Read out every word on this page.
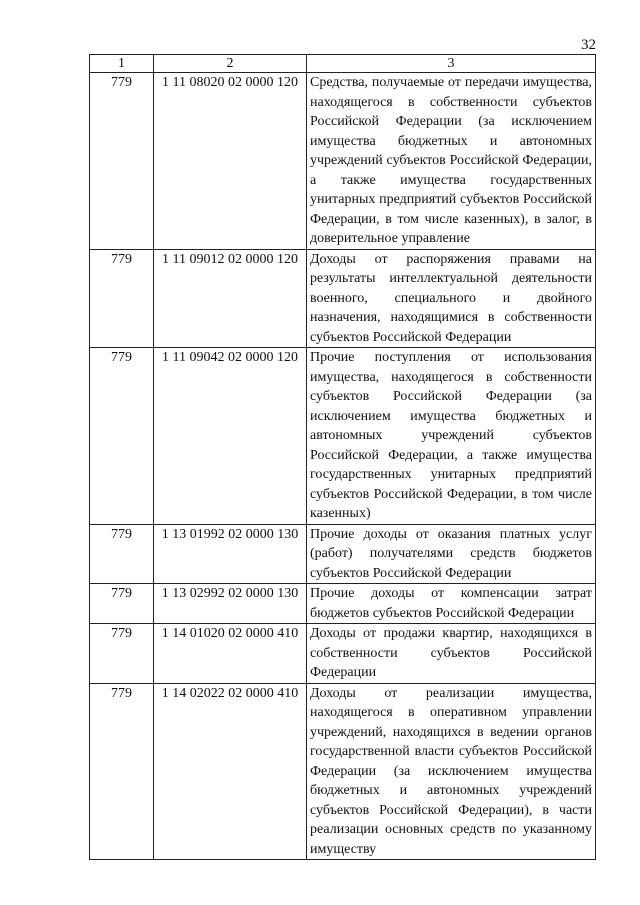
32
1	2	3
779	1 11 08020 02 0000 120	Средства, получаемые от передачи имущества, находящегося в собственности субъектов Российской Федерации (за исключением имущества бюджетных и автономных учреждений субъектов Российской Федерации, а также имущества государственных унитарных предприятий субъектов Российской Федерации, в том числе казенных), в залог, в доверительное управление
779	1 11 09012 02 0000 120	Доходы от распоряжения правами на результаты интеллектуальной деятельности военного, специального и двойного назначения, находящимися в собственности субъектов Российской Федерации
779	1 11 09042 02 0000 120	Прочие поступления от использования имущества, находящегося в собственности субъектов Российской Федерации (за исключением имущества бюджетных и автономных учреждений субъектов Российской Федерации, а также имущества государственных унитарных предприятий субъектов Российской Федерации, в том числе казенных)
779	1 13 01992 02 0000 130	Прочие доходы от оказания платных услуг (работ) получателями средств бюджетов субъектов Российской Федерации
779	1 13 02992 02 0000 130	Прочие доходы от компенсации затрат бюджетов субъектов Российской Федерации
779	1 14 01020 02 0000 410	Доходы от продажи квартир, находящихся в собственности субъектов Российской Федерации
779	1 14 02022 02 0000 410	Доходы от реализации имущества, находящегося в оперативном управлении учреждений, находящихся в ведении органов государственной власти субъектов Российской Федерации (за исключением имущества бюджетных и автономных учреждений субъектов Российской Федерации), в части реализации основных средств по указанному имуществу
